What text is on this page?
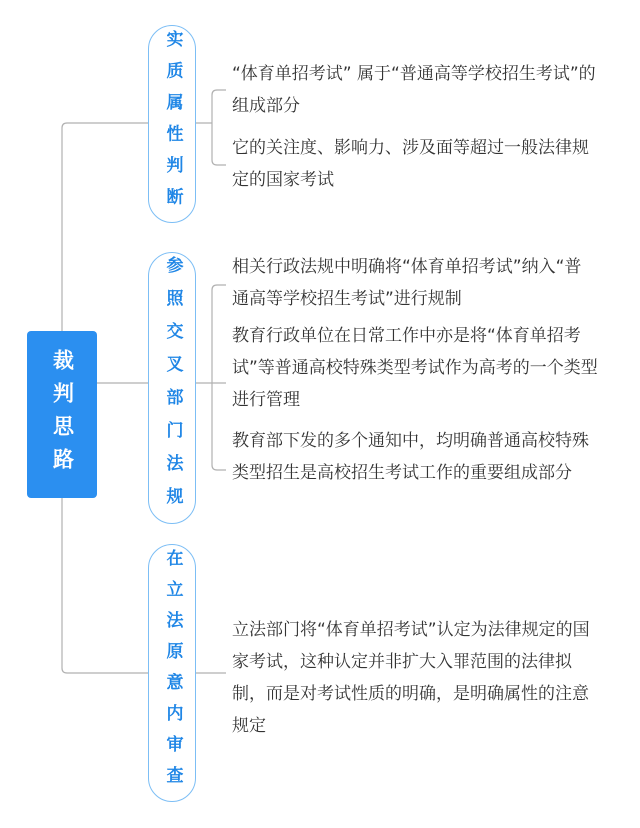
裁判思路
实质属性判断
参照交叉部门法规
在立法原意内审查
“体育单招考试” 属于“普通高等学校招生考试”的组成部分
它的关注度、影响力、涉及面等超过一般法律规定的国家考试
相关行政法规中明确将“体育单招考试”纳入“普通高等学校招生考试”进行规制
教育行政单位在日常工作中亦是将“体育单招考试”等普通高校特殊类型考试作为高考的一个类型进行管理
教育部下发的多个通知中，均明确普通高校特殊类型招生是高校招生考试工作的重要组成部分
立法部门将“体育单招考试”认定为法律规定的国家考试，这种认定并非扩大入罪范围的法律拟制，而是对考试性质的明确，是明确属性的注意规定
